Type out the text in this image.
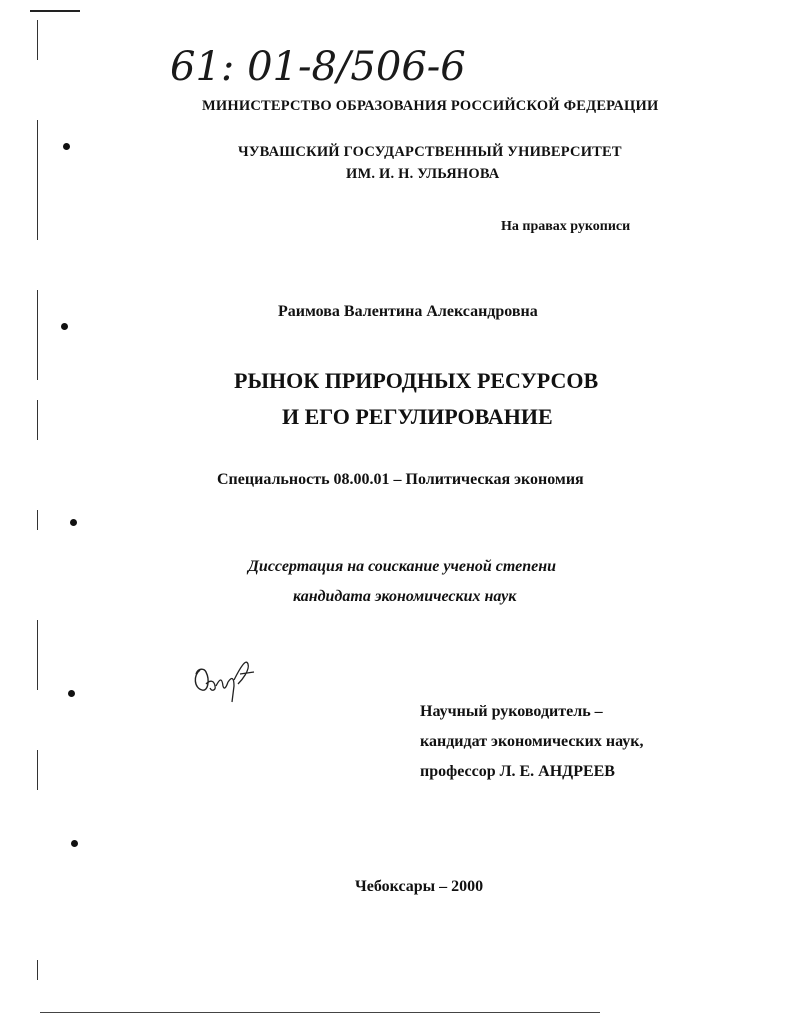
61: 01-8/506-6
МИНИСТЕРСТВО ОБРАЗОВАНИЯ РОССИЙСКОЙ ФЕДЕРАЦИИ
ЧУВАШСКИЙ ГОСУДАРСТВЕННЫЙ УНИВЕРСИТЕТ
ИМ. И. Н. УЛЬЯНОВА
На правах рукописи
Раимова Валентина Александровна
РЫНОК ПРИРОДНЫХ РЕСУРСОВ
И ЕГО РЕГУЛИРОВАНИЕ
Специальность 08.00.01 – Политическая экономия
Диссертация на соискание ученой степени
кандидата экономических наук
Научный руководитель –
кандидат экономических наук,
профессор Л. Е. АНДРЕЕВ
Чебоксары – 2000
